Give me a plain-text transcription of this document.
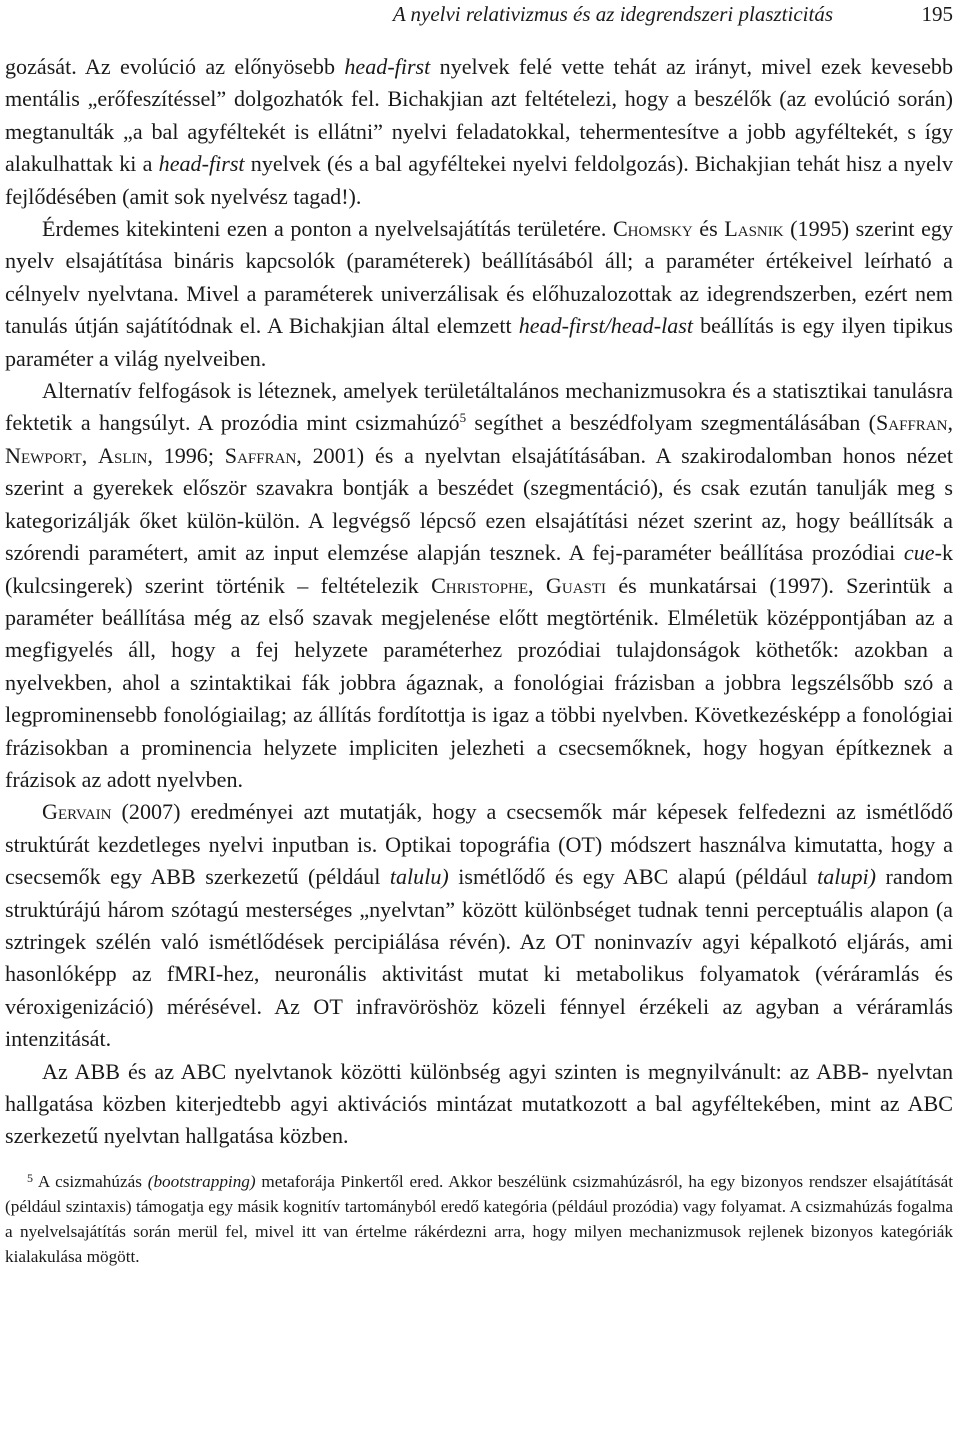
A nyelvi relativizmus és az idegrendszeri plaszticitás	195

gozását. Az evolúció az előnyösebb head-first nyelvek felé vette tehát az irányt, mivel ezek kevesebb mentális „erőfeszítéssel” dolgozhatók fel. Bichakjian azt feltételezi, hogy a beszélők (az evolúció során) megtanulták „a bal agyféltekét is ellátni” nyelvi feladatokkal, tehermentesítve a jobb agyféltekét, s így alakulhattak ki a head-first nyelvek (és a bal agyféltekei nyelvi feldolgozás). Bichakjian tehát hisz a nyelv fejlődésében (amit sok nyelvész tagad!).

Érdemes kitekinteni ezen a ponton a nyelvelsajátítás területére. Chomsky és Lasnik (1995) szerint egy nyelv elsajátítása bináris kapcsolók (paraméterek) beállításából áll; a paraméter értékeivel leírható a célnyelv nyelvtana. Mivel a paraméterek univerzálisak és előhuzalozottak az idegrendszerben, ezért nem tanulás útján sajátítódnak el. A Bichakjian által elemzett head-first/head-last beállítás is egy ilyen tipikus paraméter a világ nyelveiben.

Alternatív felfogások is léteznek, amelyek területáltalános mechanizmusokra és a statisztikai tanulásra fektetik a hangsúlyt. A prozódia mint csizmahúzó$^5$ segíthet a beszédfolyam szegmentálásában (Saffran, Newport, Aslin, 1996; Saffran, 2001) és a nyelvtan elsajátításában. A szakirodalomban honos nézet szerint a gyerekek először szavakra bontják a beszédet (szegmentáció), és csak ezután tanulják meg s kategorizálják őket külön-külön. A legvégső lépcső ezen elsajátítási nézet szerint az, hogy beállítsák a szórendi paramétert, amit az input elemzése alapján tesznek. A fej-paraméter beállítása prozódiai cue-k (kulcsingerek) szerint történik – feltételezik Christophe, Guasti és munkatársai (1997). Szerintük a paraméter beállítása még az első szavak megjelenése előtt megtörténik. Elméletük középpontjában az a megfigyelés áll, hogy a fej helyzete paraméterhez prozódiai tulajdonságok köthetők: azokban a nyelvekben, ahol a szintaktikai fák jobbra ágaznak, a fonológiai frázisban a jobbra legszélsőbb szó a legprominensebb fonológiailag; az állítás fordítottja is igaz a többi nyelvben. Következésképp a fonológiai frázisokban a prominencia helyzete impliciten jelezheti a csecsemőknek, hogy hogyan építkeznek a frázisok az adott nyelvben.

Gervain (2007) eredményei azt mutatják, hogy a csecsemők már képesek felfedezni az ismétlődő struktúrát kezdetleges nyelvi inputban is. Optikai topográfia (OT) módszert használva kimutatta, hogy a csecsemők egy ABB szerkezetű (például talulu) ismétlődő és egy ABC alapú (például talupi) random struktúrájú három szótagú mesterséges „nyelvtan” között különbséget tudnak tenni perceptuális alapon (a sztringek szélén való ismétlődések percipiálása révén). Az OT noninvazív agyi képalkotó eljárás, ami hasonlóképp az fMRI-hez, neuronális aktivitást mutat ki metabolikus folyamatok (véráramlás és véroxigenizáció) mérésével. Az OT infravöröshöz közeli fénnyel érzékeli az agyban a véráramlás intenzitását.

Az ABB és az ABC nyelvtanok közötti különbség agyi szinten is megnyilvánult: az ABB- nyelvtan hallgatása közben kiterjedtebb agyi aktivációs mintázat mutatkozott a bal agyféltekében, mint az ABC szerkezetű nyelvtan hallgatása közben.

$^5$ A csizmahúzás (bootstrapping) metaforája Pinkertől ered. Akkor beszélünk csizmahúzásról, ha egy bizonyos rendszer elsajátítását (például szintaxis) támogatja egy másik kognitív tartományból eredő kategória (például prozódia) vagy folyamat. A csizmahúzás fogalma a nyelvelsajátítás során merül fel, mivel itt van értelme rákérdezni arra, hogy milyen mechanizmusok rejlenek bizonyos kategóriák kialakulása mögött.
